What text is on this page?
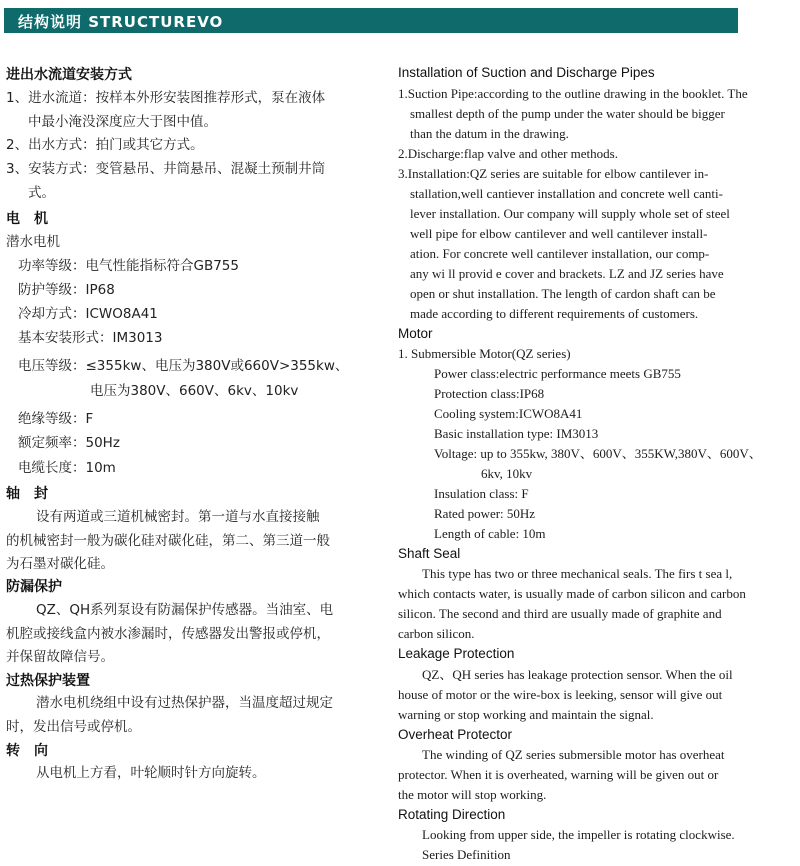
结构说明 STRUCTUREVO
进出水流道安装方式
1、进水流道：按样本外形安装图推荐形式，泵在液体
中最小淹没深度应大于图中值。
2、出水方式：拍门或其它方式。
3、安装方式：变管悬吊、井筒悬吊、混凝土预制井筒
式。
电　机
潜水电机
功率等级：电气性能指标符合GB755
防护等级：IP68
冷却方式：ICWO8A41
基本安装形式：IM3013
电压等级：≤355kw、电压为380V或660V>355kw、
电压为380V、660V、6kv、10kv
绝缘等级：F
额定频率：50Hz
电缆长度：10m
轴　封
设有两道或三道机械密封。第一道与水直接接触
的机械密封一般为碳化硅对碳化硅，第二、第三道一般
为石墨对碳化硅。
防漏保护
QZ、QH系列泵设有防漏保护传感器。当油室、电
机腔或接线盒内被水渗漏时，传感器发出警报或停机，
并保留故障信号。
过热保护装置
潜水电机绕组中设有过热保护器，当温度超过规定
时，发出信号或停机。
转　向
从电机上方看，叶轮顺时针方向旋转。
Installation of Suction and Discharge Pipes
1.Suction Pipe:according to the outline drawing in the booklet. The
smallest depth of the pump under the water should be bigger
than the datum in the drawing.
2.Discharge:flap valve and other methods.
3.Installation:QZ series are suitable for elbow cantilever in-
stallation,well cantiever installation and concrete well canti-
lever installation. Our company will supply whole set of steel
well pipe for elbow cantilever and well cantilever install-
ation. For concrete well cantilever installation, our comp-
any wi ll provid e cover and brackets. LZ and JZ series have
open or shut installation. The length of cardon shaft can be
made according to different requirements of customers.
Motor
1. Submersible Motor(QZ series)
Power class:electric performance meets GB755
Protection class:IP68
Cooling system:ICWO8A41
Basic installation type: IM3013
Voltage: up to 355kw, 380V、600V、355KW,380V、600V、
6kv, 10kv
Insulation class: F
Rated power: 50Hz
Length of cable: 10m
Shaft Seal
This type has two or three mechanical seals. The firs t sea l,
which contacts water, is usually made of carbon silicon and carbon
silicon. The second and third are usually made of graphite and
carbon silicon.
Leakage Protection
QZ、QH series has leakage protection sensor. When the oil
house of motor or the wire-box is leeking, sensor will give out
warning or stop working and maintain the signal.
Overheat Protector
The winding of QZ series submersible motor has overheat
protector. When it is overheated, warning will be given out or
the motor will stop working.
Rotating Direction
Looking from upper side, the impeller is rotating clockwise.
Series Definition
